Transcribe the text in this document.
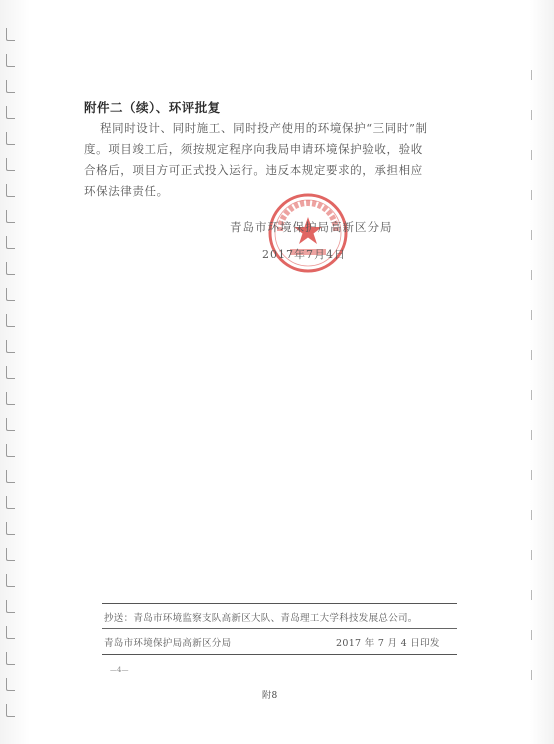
附件二（续）、环评批复

程同时设计、同时施工、同时投产使用的环境保护“三同时”制

度。项目竣工后，须按规定程序向我局申请环境保护验收，验收

合格后，项目方可正式投入运行。违反本规定要求的，承担相应

环保法律责任。

青岛市环境保护局高新区分局
2017年7月4日
抄送：青岛市环境监察支队高新区大队、青岛理工大学科技发展总公司。
青岛市环境保护局高新区分局	2017 年 7 月 4 日印发
—4—
附8
